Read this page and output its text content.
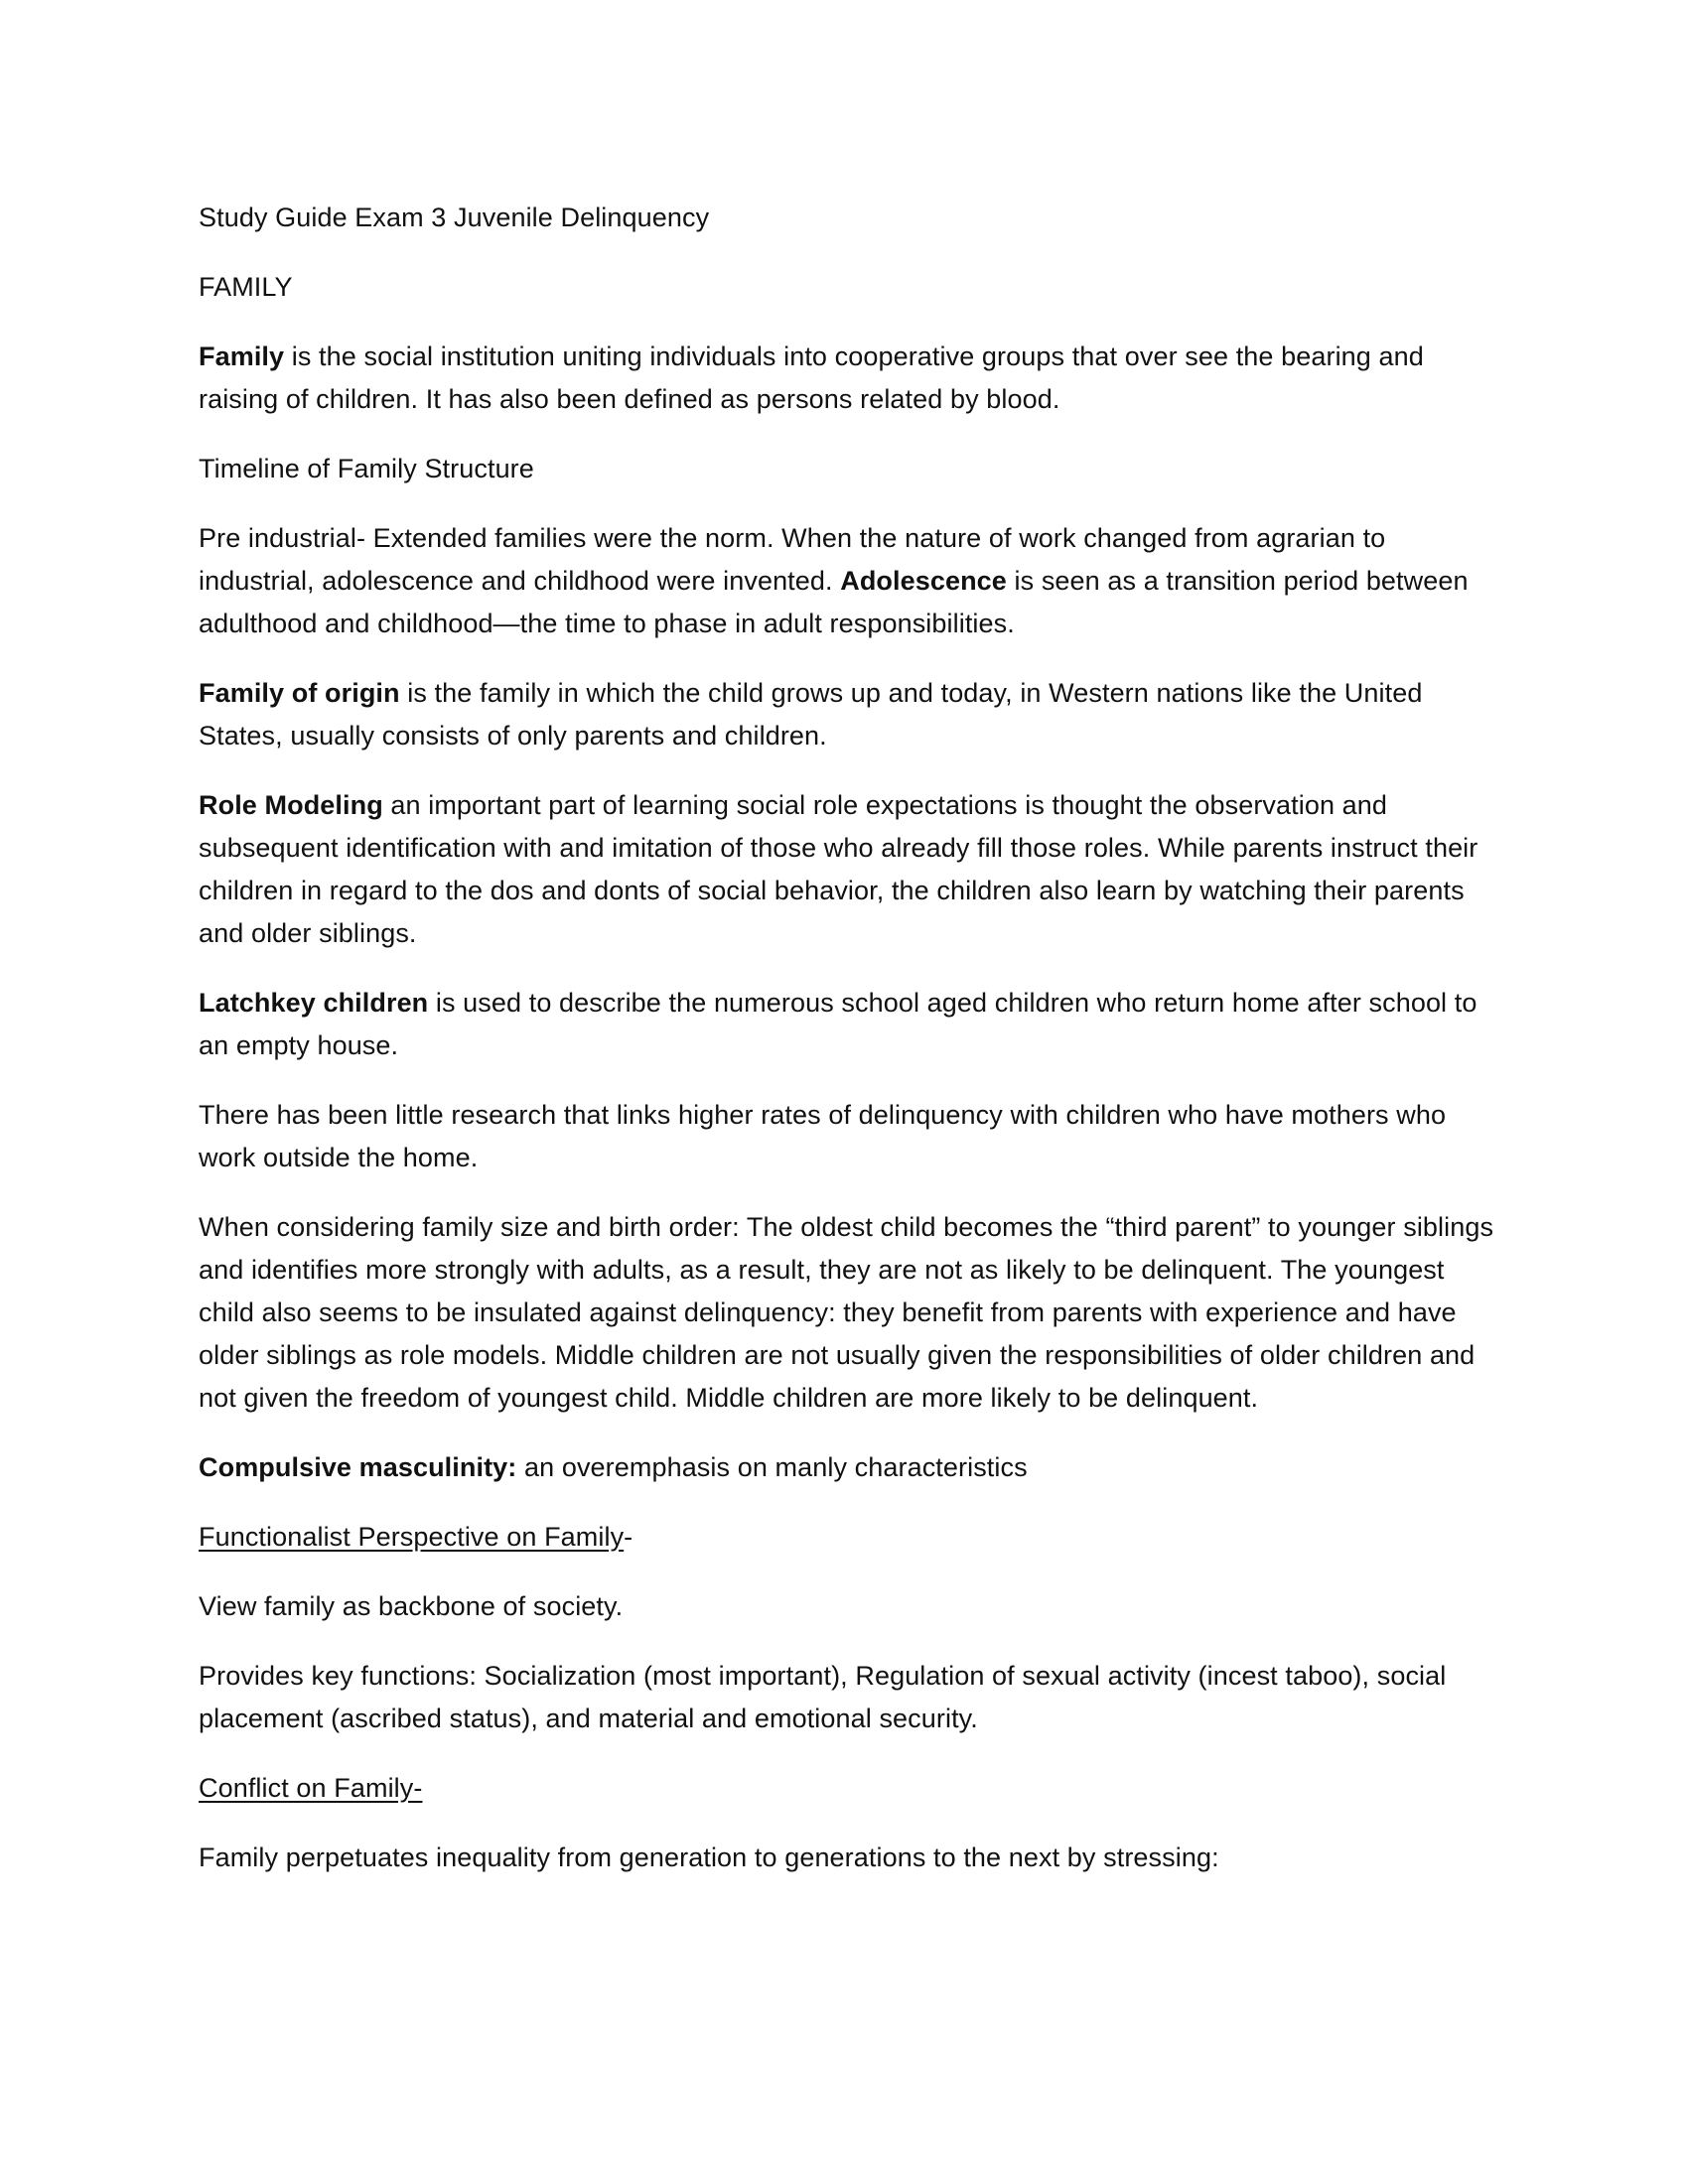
Study Guide Exam 3 Juvenile Delinquency

FAMILY

Family is the social institution uniting individuals into cooperative groups that over see the bearing and raising of children. It has also been defined as persons related by blood.

Timeline of Family Structure

Pre industrial- Extended families were the norm. When the nature of work changed from agrarian to industrial, adolescence and childhood were invented. Adolescence is seen as a transition period between adulthood and childhood—the time to phase in adult responsibilities.

Family of origin is the family in which the child grows up and today, in Western nations like the United States, usually consists of only parents and children.

Role Modeling an important part of learning social role expectations is thought the observation and subsequent identification with and imitation of those who already fill those roles. While parents instruct their children in regard to the dos and donts of social behavior, the children also learn by watching their parents and older siblings.

Latchkey children is used to describe the numerous school aged children who return home after school to an empty house.

There has been little research that links higher rates of delinquency with children who have mothers who work outside the home.

When considering family size and birth order: The oldest child becomes the “third parent” to younger siblings and identifies more strongly with adults, as a result, they are not as likely to be delinquent. The youngest child also seems to be insulated against delinquency: they benefit from parents with experience and have older siblings as role models. Middle children are not usually given the responsibilities of older children and not given the freedom of youngest child. Middle children are more likely to be delinquent.

Compulsive masculinity: an overemphasis on manly characteristics

Functionalist Perspective on Family-

View family as backbone of society.

Provides key functions: Socialization (most important), Regulation of sexual activity (incest taboo), social placement (ascribed status), and material and emotional security.

Conflict on Family-

Family perpetuates inequality from generation to generations to the next by stressing:
